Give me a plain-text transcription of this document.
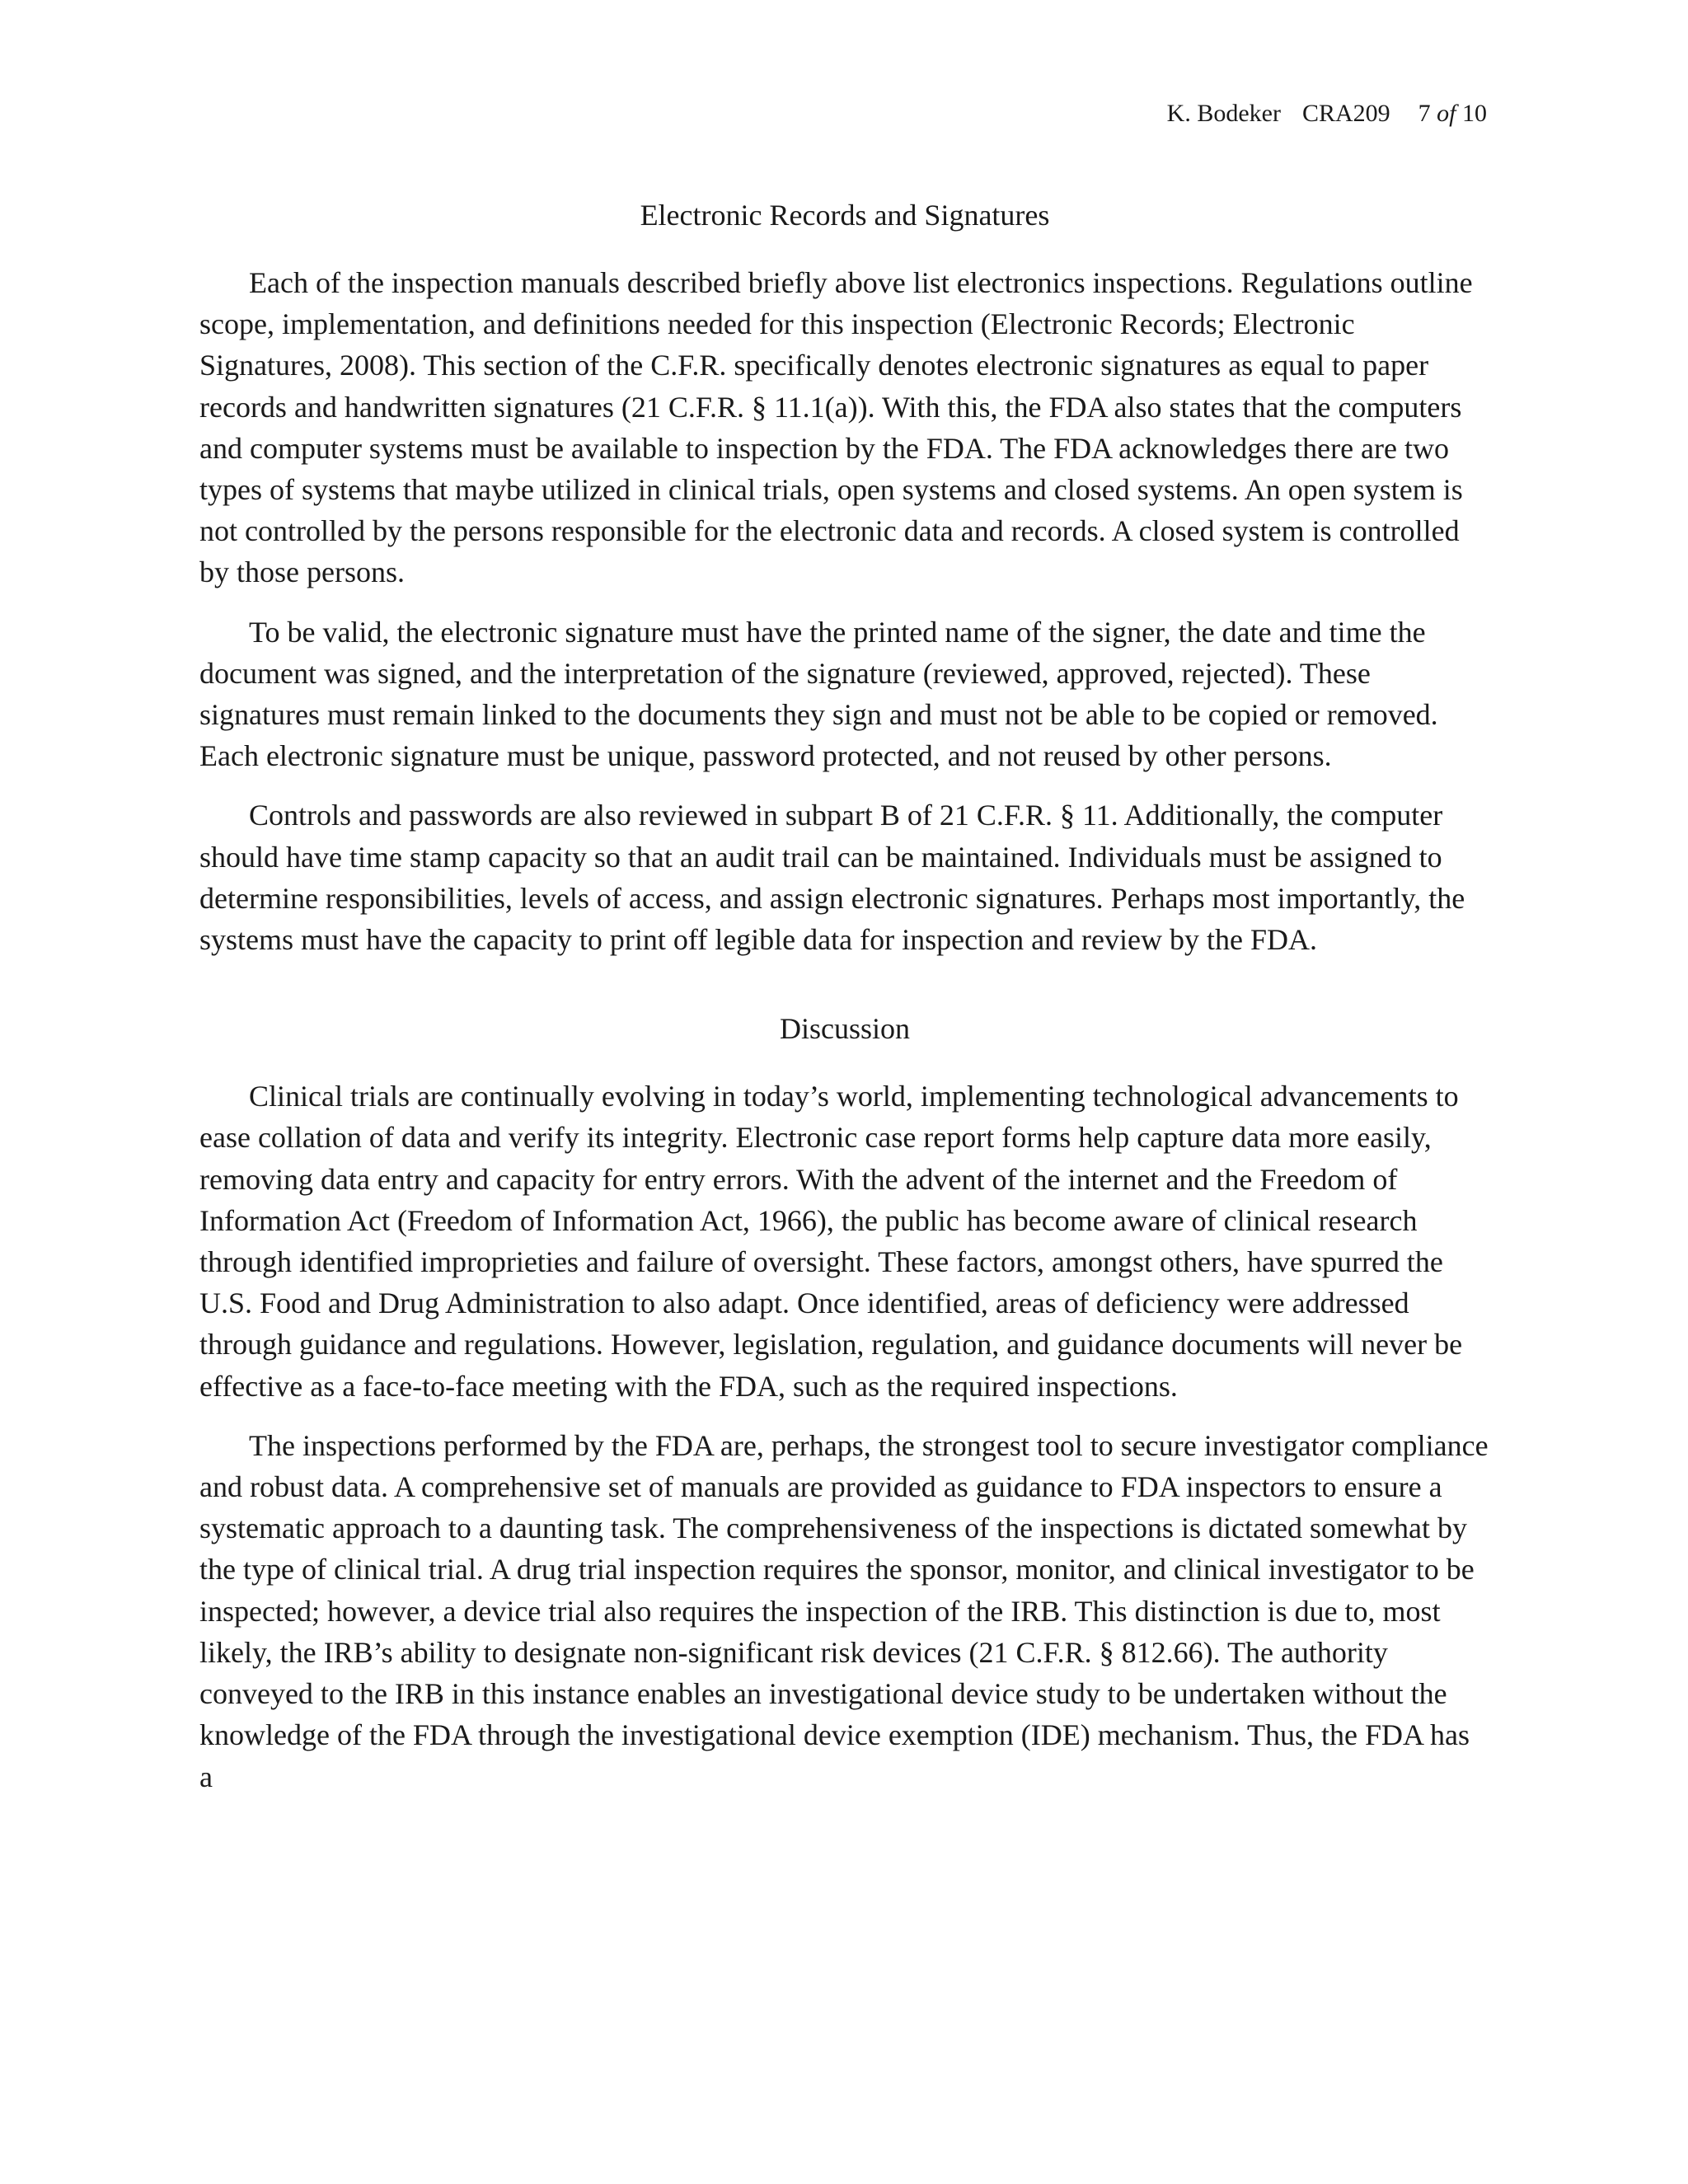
K. Bodeker CRA209 7 of 10
Electronic Records and Signatures

Each of the inspection manuals described briefly above list electronics inspections. Regulations outline scope, implementation, and definitions needed for this inspection (Electronic Records; Electronic Signatures, 2008). This section of the C.F.R. specifically denotes electronic signatures as equal to paper records and handwritten signatures (21 C.F.R. § 11.1(a)). With this, the FDA also states that the computers and computer systems must be available to inspection by the FDA. The FDA acknowledges there are two types of systems that maybe utilized in clinical trials, open systems and closed systems. An open system is not controlled by the persons responsible for the electronic data and records. A closed system is controlled by those persons.

To be valid, the electronic signature must have the printed name of the signer, the date and time the document was signed, and the interpretation of the signature (reviewed, approved, rejected). These signatures must remain linked to the documents they sign and must not be able to be copied or removed. Each electronic signature must be unique, password protected, and not reused by other persons.

Controls and passwords are also reviewed in subpart B of 21 C.F.R. § 11. Additionally, the computer should have time stamp capacity so that an audit trail can be maintained. Individuals must be assigned to determine responsibilities, levels of access, and assign electronic signatures. Perhaps most importantly, the systems must have the capacity to print off legible data for inspection and review by the FDA.

Discussion

Clinical trials are continually evolving in today’s world, implementing technological advancements to ease collation of data and verify its integrity. Electronic case report forms help capture data more easily, removing data entry and capacity for entry errors. With the advent of the internet and the Freedom of Information Act (Freedom of Information Act, 1966), the public has become aware of clinical research through identified improprieties and failure of oversight. These factors, amongst others, have spurred the U.S. Food and Drug Administration to also adapt. Once identified, areas of deficiency were addressed through guidance and regulations. However, legislation, regulation, and guidance documents will never be effective as a face-to-face meeting with the FDA, such as the required inspections.

The inspections performed by the FDA are, perhaps, the strongest tool to secure investigator compliance and robust data. A comprehensive set of manuals are provided as guidance to FDA inspectors to ensure a systematic approach to a daunting task. The comprehensiveness of the inspections is dictated somewhat by the type of clinical trial. A drug trial inspection requires the sponsor, monitor, and clinical investigator to be inspected; however, a device trial also requires the inspection of the IRB. This distinction is due to, most likely, the IRB’s ability to designate non-significant risk devices (21 C.F.R. § 812.66). The authority conveyed to the IRB in this instance enables an investigational device study to be undertaken without the knowledge of the FDA through the investigational device exemption (IDE) mechanism. Thus, the FDA has a
